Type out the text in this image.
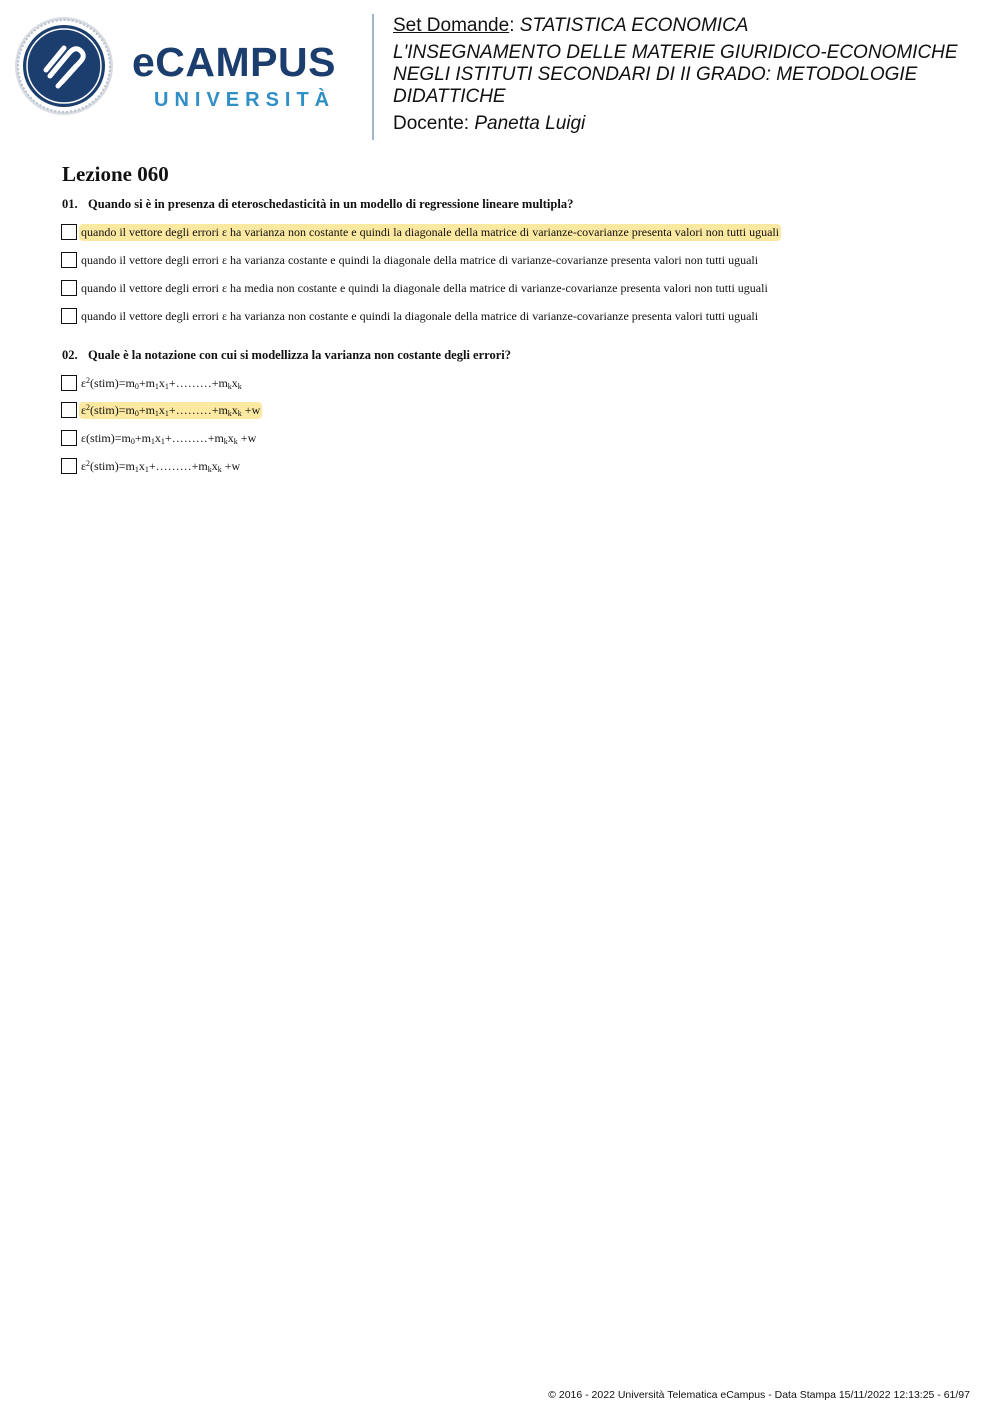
eCAMPUS
UNIVERSITÀ
Set Domande: STATISTICA ECONOMICA
L'INSEGNAMENTO DELLE MATERIE GIURIDICO-ECONOMICHE NEGLI ISTITUTI SECONDARI DI II GRADO: METODOLOGIE DIDATTICHE
Docente: Panetta Luigi
Lezione 060
01. Quando si è in presenza di eteroschedasticità in un modello di regressione lineare multipla?
quando il vettore degli errori ε ha varianza non costante e quindi la diagonale della matrice di varianze-covarianze presenta valori non tutti uguali
quando il vettore degli errori ε ha varianza costante e quindi la diagonale della matrice di varianze-covarianze presenta valori non tutti uguali
quando il vettore degli errori ε ha media non costante e quindi la diagonale della matrice di varianze-covarianze presenta valori non tutti uguali
quando il vettore degli errori ε ha varianza non costante e quindi la diagonale della matrice di varianze-covarianze presenta valori tutti uguali
02. Quale è la notazione con cui si modellizza la varianza non costante degli errori?
$\varepsilon^2(stim)=m_0+m_1x_1+\dots\dots\dots+m_kx_k$
$\varepsilon^2(stim)=m_0+m_1x_1+\dots\dots\dots+m_kx_k +w$
$\varepsilon(stim)=m_0+m_1x_1+\dots\dots\dots+m_kx_k +w$
$\varepsilon^2(stim)=m_1x_1+\dots\dots\dots+m_kx_k +w$
© 2016 - 2022 Università Telematica eCampus - Data Stampa 15/11/2022 12:13:25 - 61/97
